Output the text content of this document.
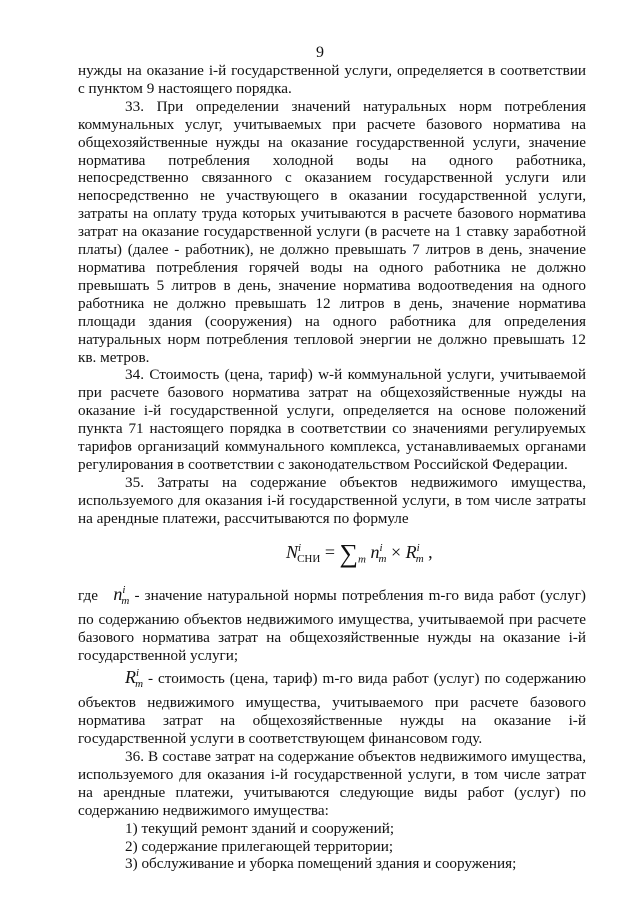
9

нужды на оказание i-й государственной услуги, определяется в соответствии с пунктом 9 настоящего порядка.

33. При определении значений натуральных норм потребления коммунальных услуг, учитываемых при расчете базового норматива на общехозяйственные нужды на оказание государственной услуги, значение норматива потребления холодной воды на одного работника, непосредственно связанного с оказанием государственной услуги или непосредственно не участвующего в оказании государственной услуги, затраты на оплату труда которых учитываются в расчете базового норматива затрат на оказание государственной услуги (в расчете на 1 ставку заработной платы) (далее - работник), не должно превышать 7 литров в день, значение норматива потребления горячей воды на одного работника не должно превышать 5 литров в день, значение норматива водоотведения на одного работника не должно превышать 12 литров в день, значение норматива площади здания (сооружения) на одного работника для определения натуральных норм потребления тепловой энергии не должно превышать 12 кв. метров.

34. Стоимость (цена, тариф) w-й коммунальной услуги, учитываемой при расчете базового норматива затрат на общехозяйственные нужды на оказание i-й государственной услуги, определяется на основе положений пункта 71 настоящего порядка в соответствии со значениями регулируемых тарифов организаций коммунального комплекса, устанавливаемых органами регулирования в соответствии с законодательством Российской Федерации.

35. Затраты на содержание объектов недвижимого имущества, используемого для оказания i-й государственной услуги, в том числе затраты на арендные платежи, рассчитываются по формуле

$N^i_{СНИ} = \sum_m$ $n^i_m \times R^i_m$ ,

где $n^i_m$ - значение натуральной нормы потребления m-го вида работ (услуг) по содержанию объектов недвижимого имущества, учитываемой при расчете базового норматива затрат на общехозяйственные нужды на оказание i-й государственной услуги;

$R^i_m$ - стоимость (цена, тариф) m-го вида работ (услуг) по содержанию объектов недвижимого имущества, учитываемого при расчете базового норматива затрат на общехозяйственные нужды на оказание i-й государственной услуги в соответствующем финансовом году.

36. В составе затрат на содержание объектов недвижимого имущества, используемого для оказания i-й государственной услуги, в том числе затрат на арендные платежи, учитываются следующие виды работ (услуг) по содержанию недвижимого имущества:

1) текущий ремонт зданий и сооружений;

2) содержание прилегающей территории;

3) обслуживание и уборка помещений здания и сооружения;
